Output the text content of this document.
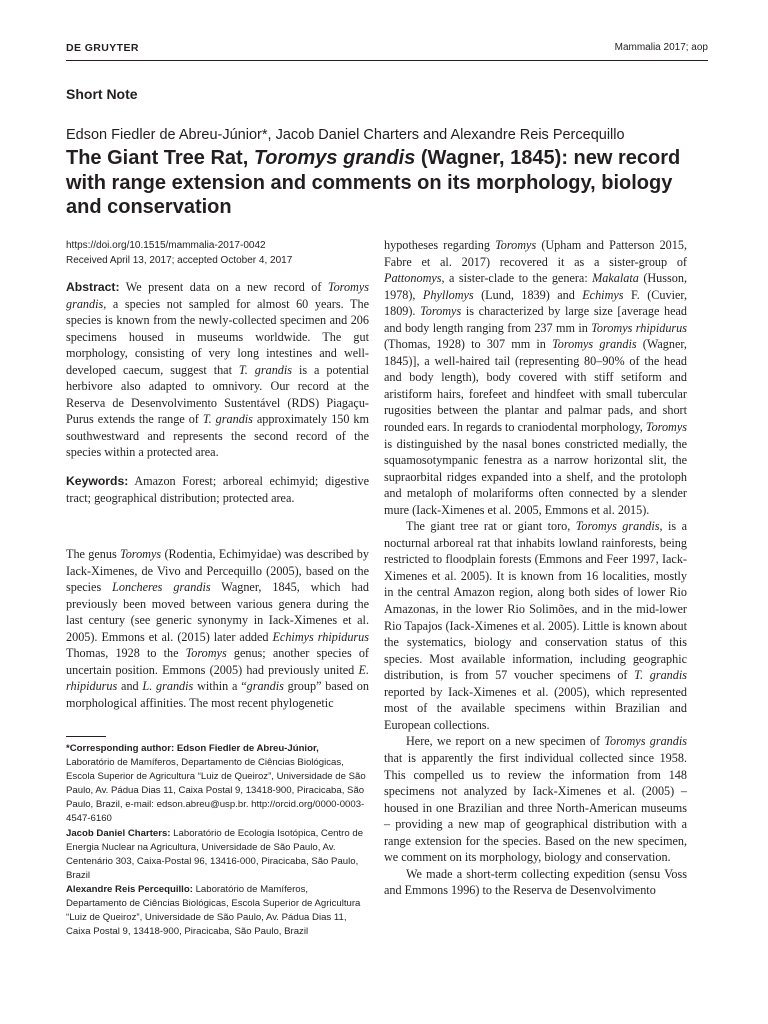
DE GRUYTER	Mammalia 2017; aop
Short Note
Edson Fiedler de Abreu-Júnior*, Jacob Daniel Charters and Alexandre Reis Percequillo
The Giant Tree Rat, Toromys grandis (Wagner, 1845): new record with range extension and comments on its morphology, biology and conservation
https://doi.org/10.1515/mammalia-2017-0042
Received April 13, 2017; accepted October 4, 2017

Abstract: We present data on a new record of Toromys grandis, a species not sampled for almost 60 years. The species is known from the newly-collected specimen and 206 specimens housed in museums worldwide. The gut morphology, consisting of very long intestines and well-developed caecum, suggest that T. grandis is a potential herbivore also adapted to omnivory. Our record at the Reserva de Desenvolvimento Sustentável (RDS) Piagaçu-Purus extends the range of T. grandis approximately 150 km southwestward and represents the second record of the species within a protected area.

Keywords: Amazon Forest; arboreal echimyid; digestive tract; geographical distribution; protected area.

The genus Toromys (Rodentia, Echimyidae) was described by Iack-Ximenes, de Vivo and Percequillo (2005), based on the species Loncheres grandis Wagner, 1845, which had previously been moved between various genera during the last century (see generic synonymy in Iack-Ximenes et al. 2005). Emmons et al. (2015) later added Echimys rhipidurus Thomas, 1928 to the Toromys genus; another species of uncertain position. Emmons (2005) had previously united E. rhipidurus and L. grandis within a “grandis group” based on morphological affinities. The most recent phylogenetic

*Corresponding author: Edson Fiedler de Abreu-Júnior, Laboratório de Mamíferos, Departamento de Ciências Biológicas, Escola Superior de Agricultura “Luiz de Queiroz”, Universidade de São Paulo, Av. Pádua Dias 11, Caixa Postal 9, 13418-900, Piracicaba, São Paulo, Brazil, e-mail: edson.abreu@usp.br. http://orcid.org/0000-0003-4547-6160

Jacob Daniel Charters: Laboratório de Ecologia Isotópica, Centro de Energia Nuclear na Agricultura, Universidade de São Paulo, Av. Centenário 303, Caixa-Postal 96, 13416-000, Piracicaba, São Paulo, Brazil

Alexandre Reis Percequillo: Laboratório de Mamíferos, Departamento de Ciências Biológicas, Escola Superior de Agricultura “Luiz de Queiroz”, Universidade de São Paulo, Av. Pádua Dias 11, Caixa Postal 9, 13418-900, Piracicaba, São Paulo, Brazil

hypotheses regarding Toromys (Upham and Patterson 2015, Fabre et al. 2017) recovered it as a sister-group of Pattonomys, a sister-clade to the genera: Makalata (Husson, 1978), Phyllomys (Lund, 1839) and Echimys F. (Cuvier, 1809). Toromys is characterized by large size [average head and body length ranging from 237 mm in Toromys rhipidurus (Thomas, 1928) to 307 mm in Toromys grandis (Wagner, 1845)], a well-haired tail (representing 80–90% of the head and body length), body covered with stiff setiform and aristiform hairs, forefeet and hindfeet with small tubercular rugosities between the plantar and palmar pads, and short rounded ears. In regards to craniodental morphology, Toromys is distinguished by the nasal bones constricted medially, the squamosotympanic fenestra as a narrow horizontal slit, the supraorbital ridges expanded into a shelf, and the protoloph and metaloph of molariforms often connected by a slender mure (Iack-Ximenes et al. 2005, Emmons et al. 2015).

The giant tree rat or giant toro, Toromys grandis, is a nocturnal arboreal rat that inhabits lowland rainforests, being restricted to floodplain forests (Emmons and Feer 1997, Iack-Ximenes et al. 2005). It is known from 16 localities, mostly in the central Amazon region, along both sides of lower Rio Amazonas, in the lower Rio Solimões, and in the mid-lower Rio Tapajos (Iack-Ximenes et al. 2005). Little is known about the systematics, biology and conservation status of this species. Most available information, including geographic distribution, is from 57 voucher specimens of T. grandis reported by Iack-Ximenes et al. (2005), which represented most of the available specimens within Brazilian and European collections.

Here, we report on a new specimen of Toromys grandis that is apparently the first individual collected since 1958. This compelled us to review the information from 148 specimens not analyzed by Iack-Ximenes et al. (2005) – housed in one Brazilian and three North-American museums – providing a new map of geographical distribution with a range extension for the species. Based on the new specimen, we comment on its morphology, biology and conservation.

We made a short-term collecting expedition (sensu Voss and Emmons 1996) to the Reserva de Desenvolvimento
